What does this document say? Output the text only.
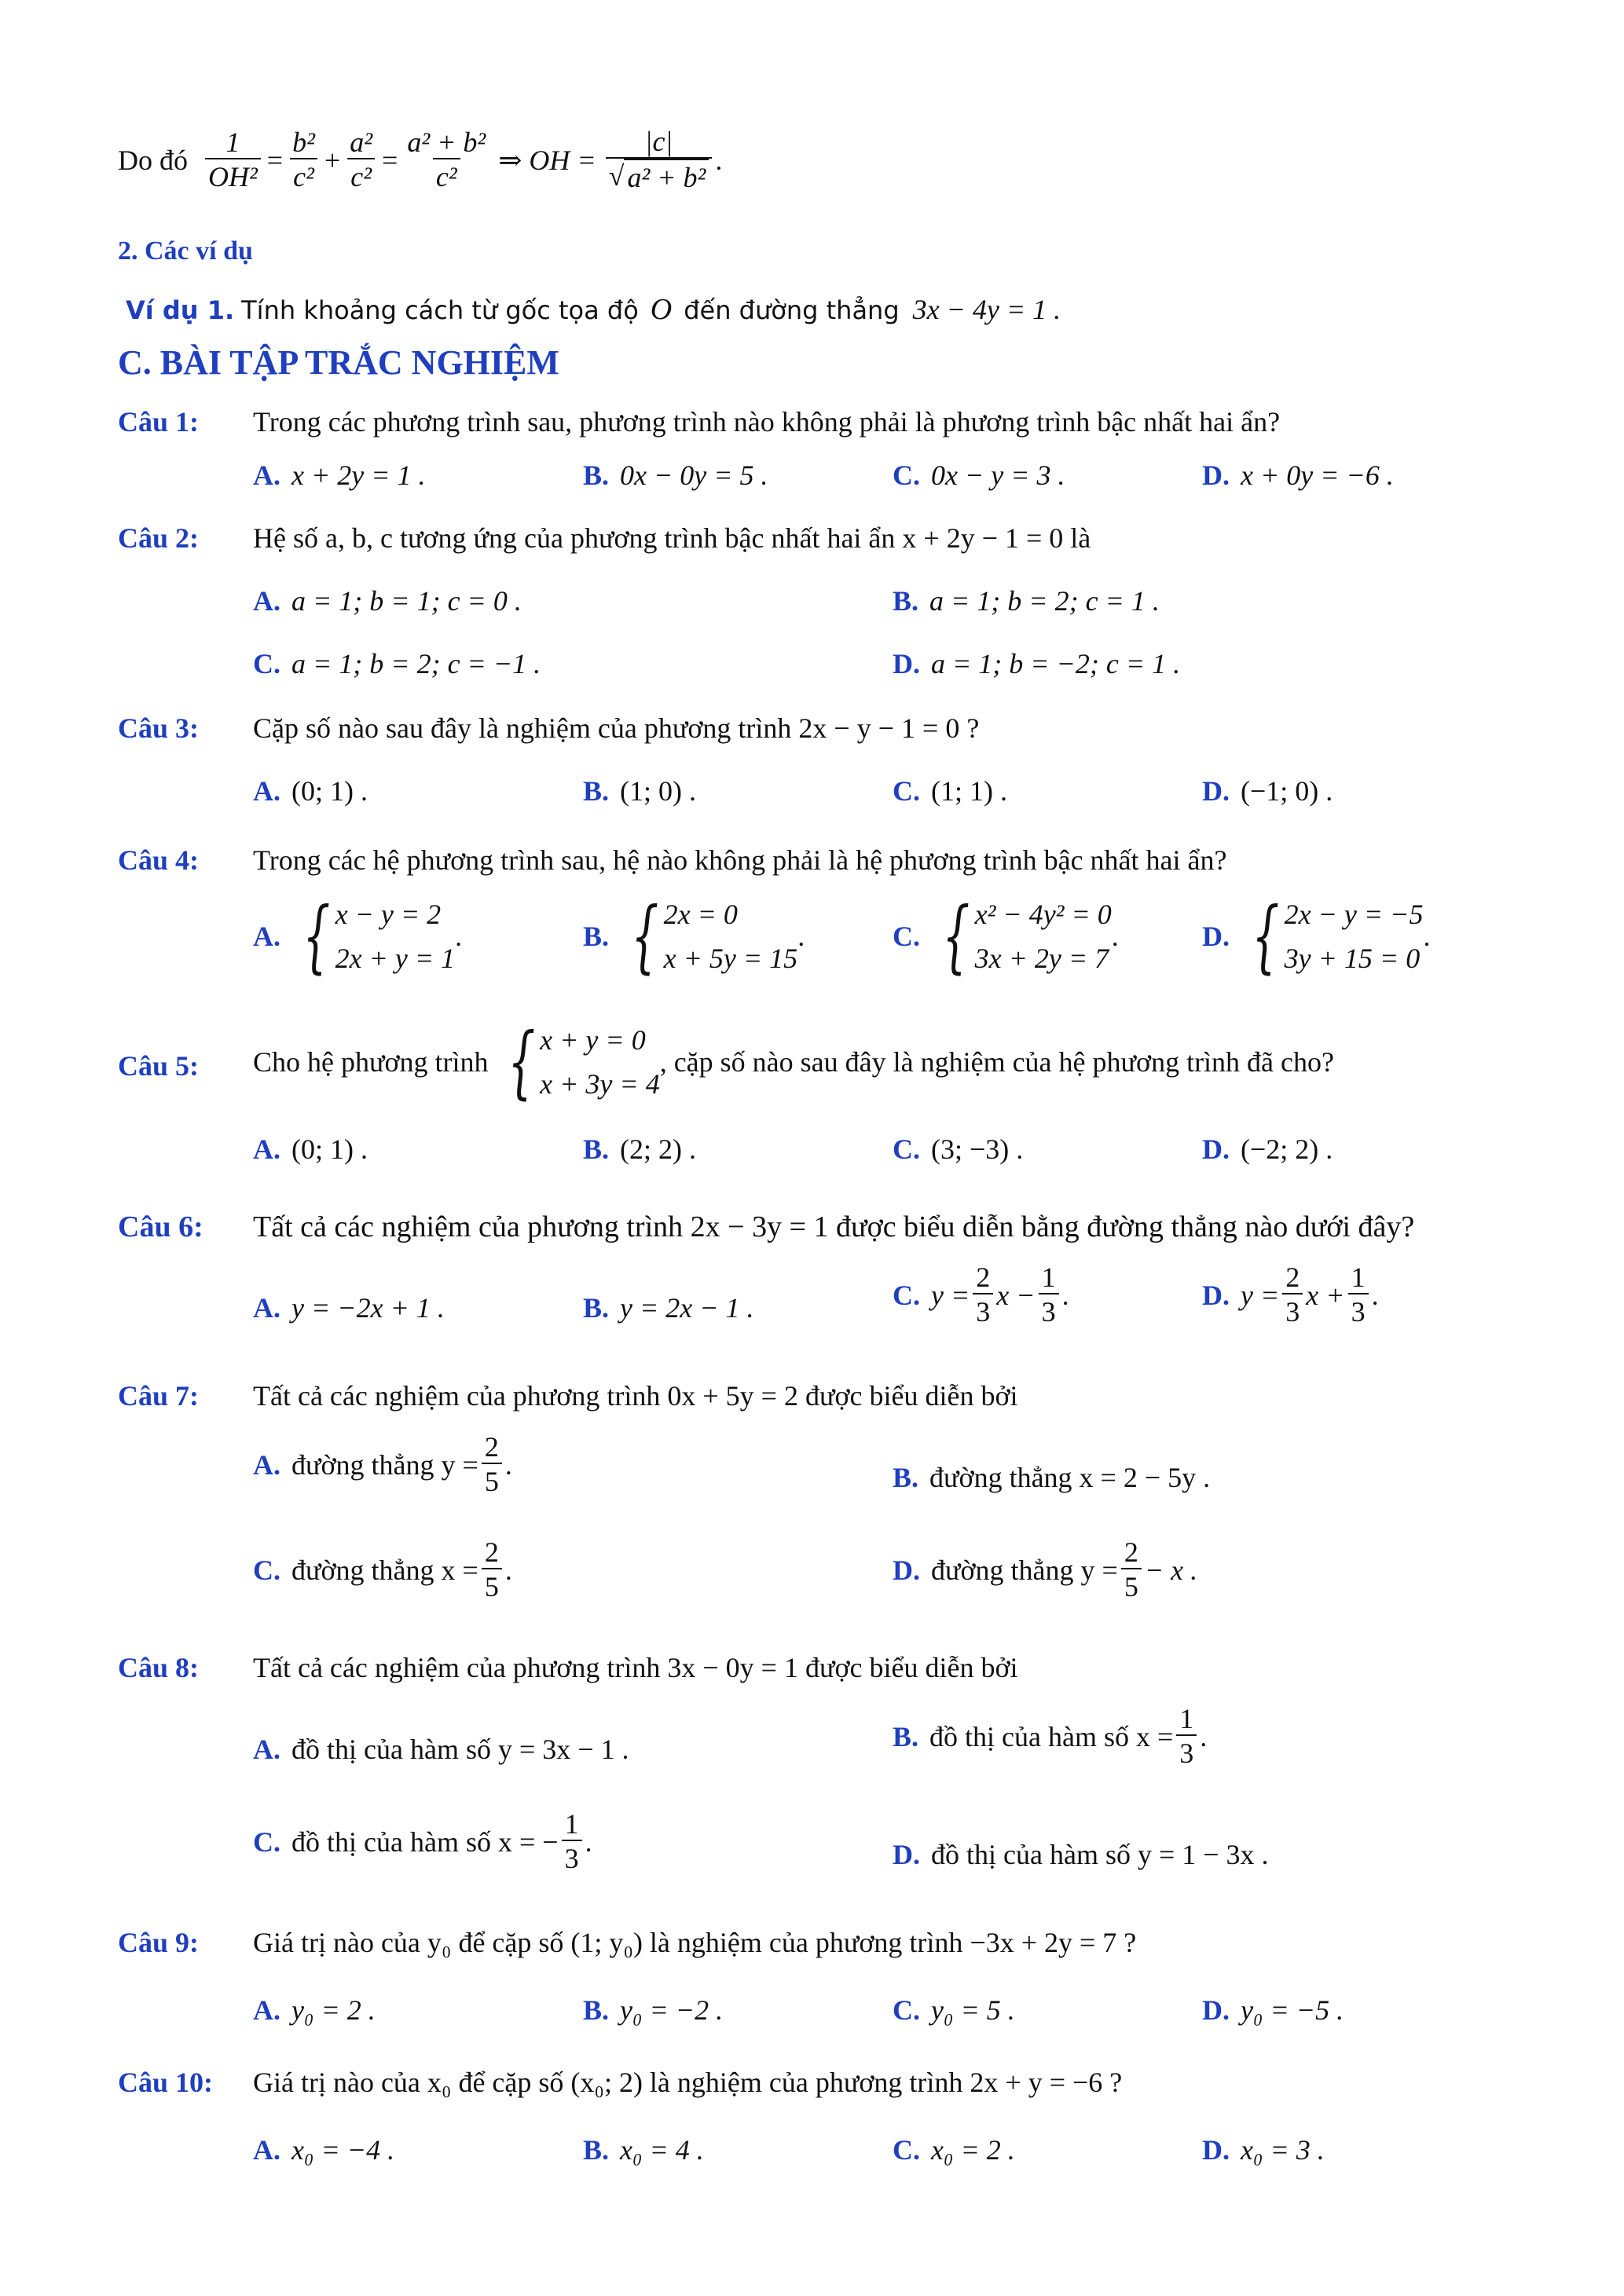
Do đó $\frac{1}{\text{OH²}} = \frac{\text{b²}}{\text{c²}} + \frac{\text{a²}}{\text{c²}} = \frac{\text{a² + b²}}{\text{c²}}$ ⇒ OH = $\frac{|c|}{\text{√ a² + b²}}$ .
2. Các ví dụ
Ví dụ 1. Tính khoảng cách từ gốc tọa độ O đến đường thẳng 3x − 4y = 1 .
C. BÀI TẬP TRẮC NGHIỆM
Câu 1: Trong các phương trình sau, phương trình nào không phải là phương trình bậc nhất hai ẩn?
A. x + 2y = 1 .	B. 0x − 0y = 5 .	C. 0x − y = 3 .	D. x + 0y = −6 .
Câu 2: Hệ số a, b, c tương ứng của phương trình bậc nhất hai ẩn x + 2y − 1 = 0 là
A. a = 1; b = 1; c = 0 .	B. a = 1; b = 2; c = 1 .
C. a = 1; b = 2; c = −1 .	D. a = 1; b = −2; c = 1 .
Câu 3: Cặp số nào sau đây là nghiệm của phương trình 2x − y − 1 = 0 ?
A. (0; 1) .	B. (1; 0) .	C. (1; 1) .	D. (−1; 0) .
Câu 4: Trong các hệ phương trình sau, hệ nào không phải là hệ phương trình bậc nhất hai ẩn?
A. { x − y = 2
2x + y = 1
.	B. { 2x = 0
x + 5y = 15
.	C. { x² − 4y² = 0
3x + 2y = 7
.	D. { 2x − y = −5
3y + 15 = 0
.
Câu 5: Cho hệ phương trình { x + y = 0
x + 3y = 4
, cặp số nào sau đây là nghiệm của hệ phương trình đã cho?
A. (0; 1) .	B. (2; 2) .	C. (3; −3) .	D. (−2; 2) .
Câu 6: Tất cả các nghiệm của phương trình 2x − 3y = 1 được biểu diễn bằng đường thẳng nào dưới đây?
A. y = −2x + 1 .	B. y = 2x − 1 .	C. $y = \frac{2}{3}$ $x - \frac{1}{3}$ .	D. $y = \frac{2}{3}$ $x + \frac{1}{3}$ .
Câu 7: Tất cả các nghiệm của phương trình 0x + 5y = 2 được biểu diễn bởi
A. đường thẳng $y = \frac{2}{5}$ .	B. đường thẳng x = 2 − 5y .
C. đường thẳng $x = \frac{2}{5}$ .	D. đường thẳng $y = \frac{2}{5} - x$ .
Câu 8: Tất cả các nghiệm của phương trình 3x − 0y = 1 được biểu diễn bởi
A. đồ thị của hàm số y = 3x − 1 .	B. đồ thị của hàm số $x = \frac{1}{3}$ .
C. đồ thị của hàm số x = − $\frac{1}{3}$ .	D. đồ thị của hàm số y = 1 − 3x .
Câu 9: Giá trị nào của y₀ để cặp số (1; y₀) là nghiệm của phương trình −3x + 2y = 7 ?
A. y₀ = 2 .	B. y₀ = −2 .	C. y₀ = 5 .	D. y₀ = −5 .
Câu 10: Giá trị nào của x₀ để cặp số (x₀; 2) là nghiệm của phương trình 2x + y = −6 ?
A. x₀ = −4 .	B. x₀ = 4 .	C. x₀ = 2 .	D. x₀ = 3 .
